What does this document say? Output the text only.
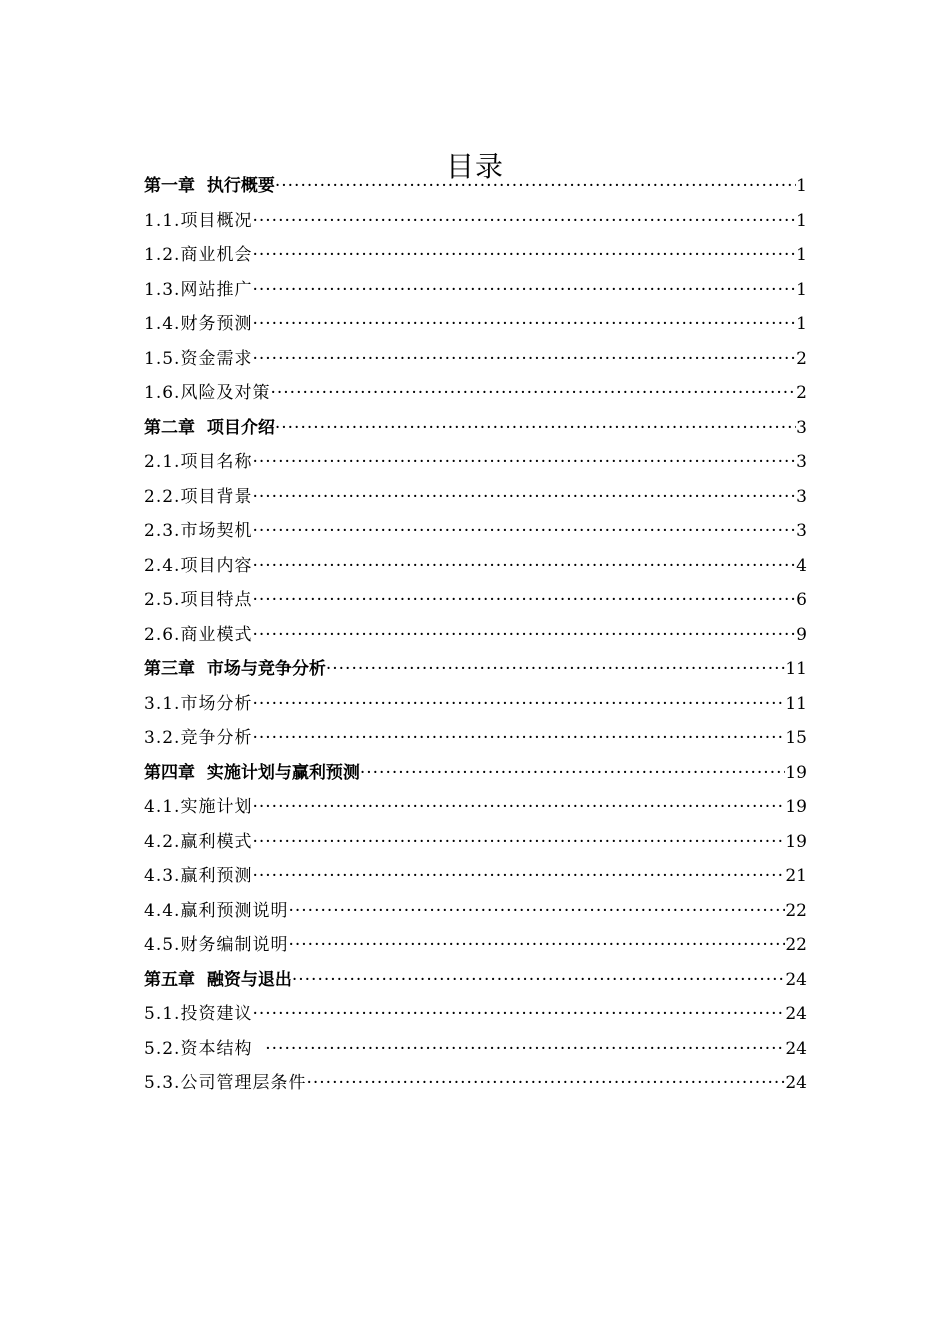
目录
第一章  执行概要 ·····	1
1.1.项目概况 ·····	1
1.2.商业机会 ·····	1
1.3.网站推广 ·····	1
1.4.财务预测 ·····	1
1.5.资金需求 ·····	2
1.6.风险及对策 ·····	2
第二章  项目介绍 ·····	3
2.1.项目名称 ·····	3
2.2.项目背景 ·····	3
2.3.市场契机 ·····	3
2.4.项目内容 ·····	4
2.5.项目特点 ·····	6
2.6.商业模式 ·····	9
第三章  市场与竞争分析 ·····	11
3.1.市场分析 ·····	11
3.2.竞争分析 ·····	15
第四章  实施计划与赢利预测 ·····	19
4.1.实施计划 ·····	19
4.2.赢利模式 ·····	19
4.3.赢利预测 ·····	21
4.4.赢利预测说明 ·····	22
4.5.财务编制说明 ·····	22
第五章  融资与退出 ·····	24
5.1.投资建议 ·····	24
5.2.资本结构 ·····	24
5.3.公司管理层条件 ·····	24
